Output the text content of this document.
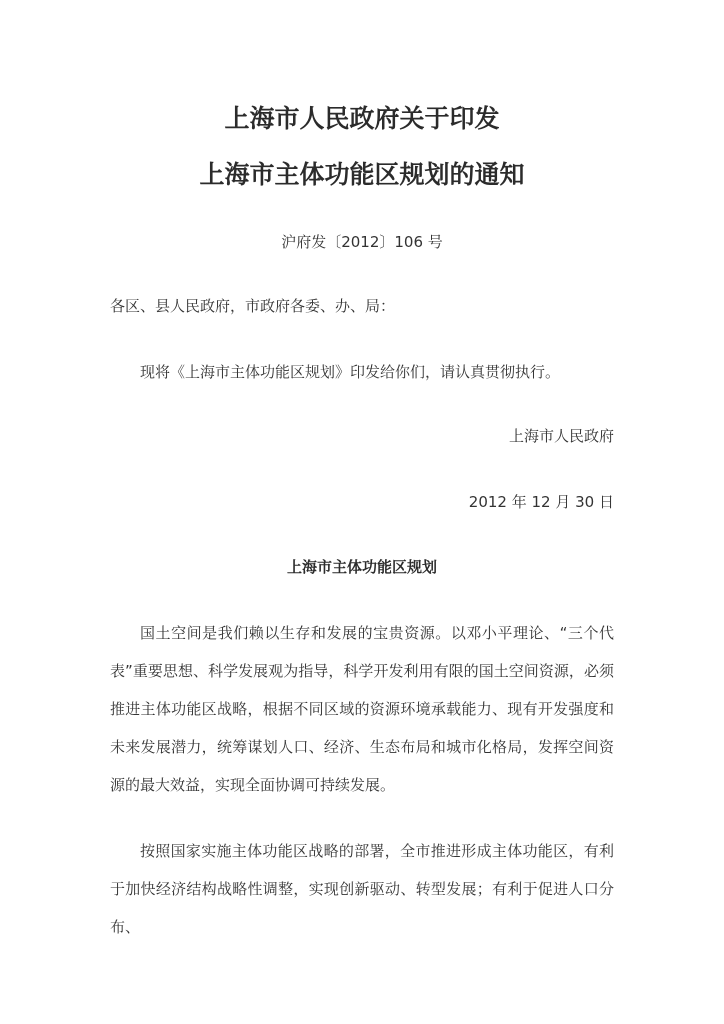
上海市人民政府关于印发
上海市主体功能区规划的通知
沪府发〔2012〕106 号
各区、县人民政府，市政府各委、办、局：
现将《上海市主体功能区规划》印发给你们，请认真贯彻执行。
上海市人民政府
2012 年 12 月 30 日
上海市主体功能区规划

国土空间是我们赖以生存和发展的宝贵资源。以邓小平理论、“三个代表”重要思想、科学发展观为指导，科学开发利用有限的国土空间资源，必须推进主体功能区战略，根据不同区域的资源环境承载能力、现有开发强度和未来发展潜力，统筹谋划人口、经济、生态布局和城市化格局，发挥空间资源的最大效益，实现全面协调可持续发展。

按照国家实施主体功能区战略的部署，全市推进形成主体功能区，有利于加快经济结构战略性调整，实现创新驱动、转型发展；有利于促进人口分布、
